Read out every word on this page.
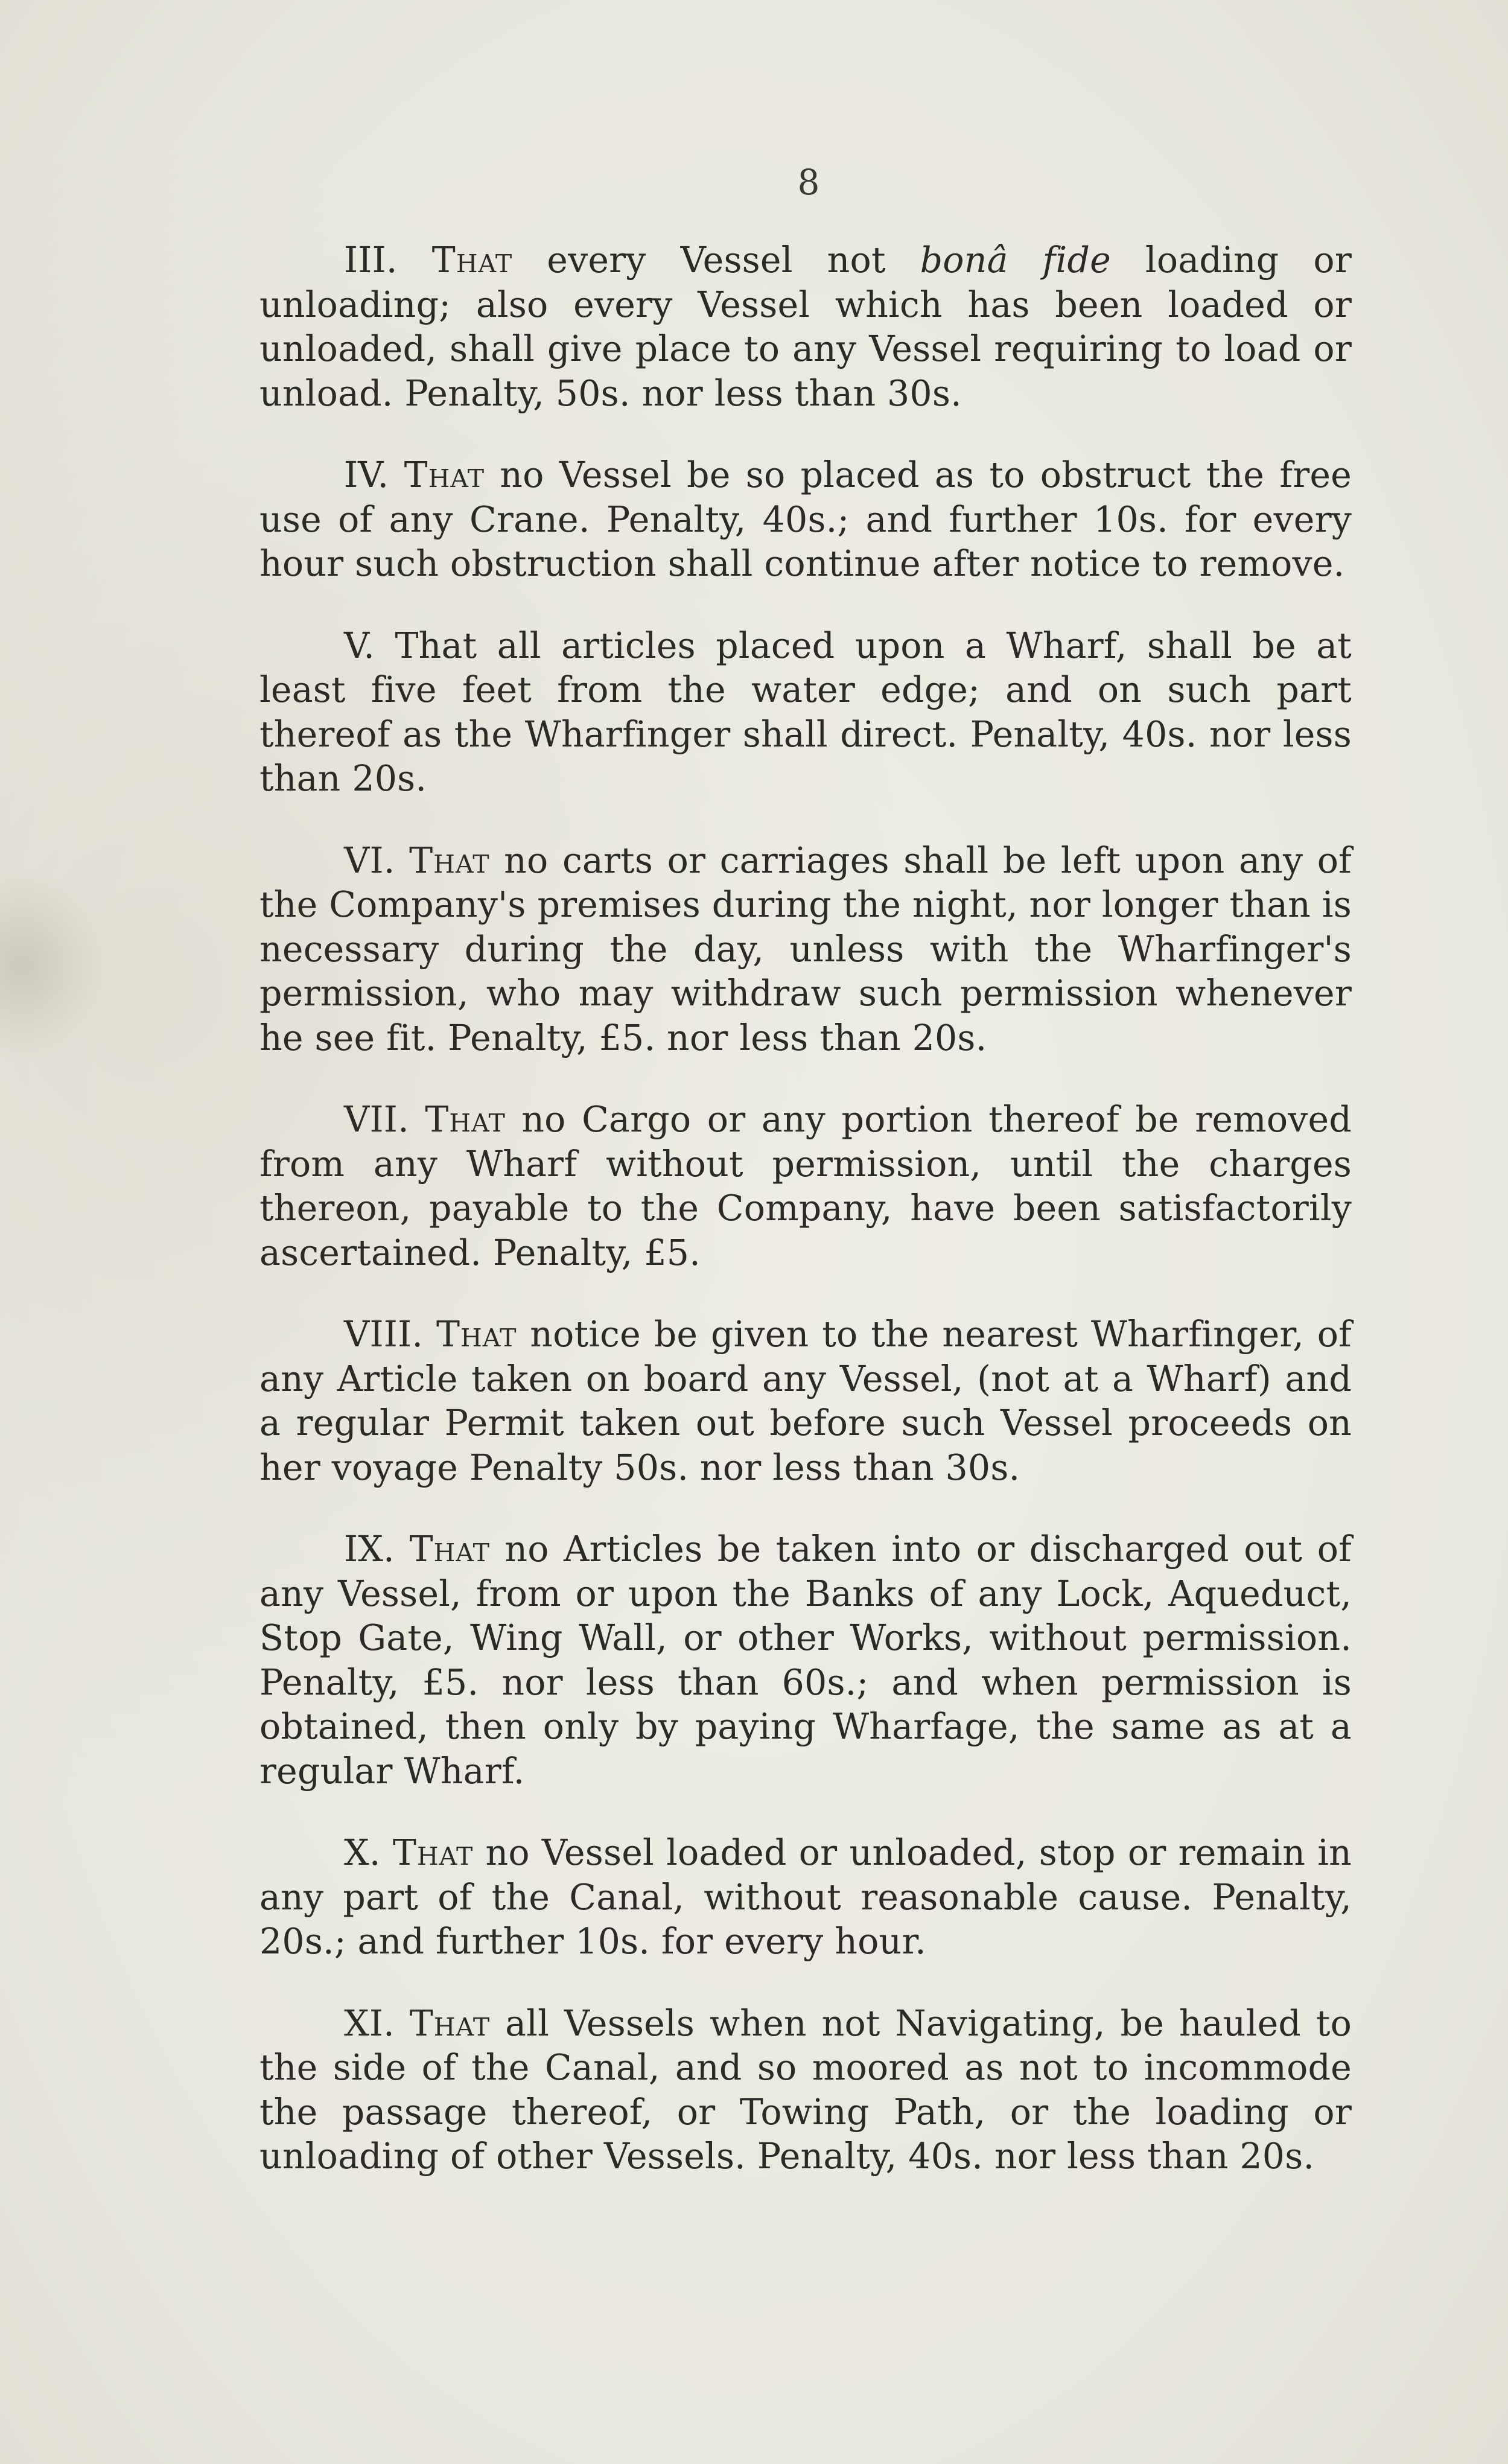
8

III. That every Vessel not bonâ fide loading or unloading; also every Vessel which has been loaded or unloaded, shall give place to any Vessel requiring to load or unload. Penalty, 50s. nor less than 30s.

IV. That no Vessel be so placed as to obstruct the free use of any Crane. Penalty, 40s.; and further 10s. for every hour such obstruction shall continue after notice to remove.

V. That all articles placed upon a Wharf, shall be at least five feet from the water edge; and on such part thereof as the Wharfinger shall direct. Penalty, 40s. nor less than 20s.

VI. That no carts or carriages shall be left upon any of the Company's premises during the night, nor longer than is necessary during the day, unless with the Wharfinger's permission, who may withdraw such permission whenever he see fit. Penalty, £5. nor less than 20s.

VII. That no Cargo or any portion thereof be removed from any Wharf without permission, until the charges thereon, payable to the Company, have been satisfactorily ascertained. Penalty, £5.

VIII. That notice be given to the nearest Wharfinger, of any Article taken on board any Vessel, (not at a Wharf) and a regular Permit taken out before such Vessel proceeds on her voyage Penalty 50s. nor less than 30s.

IX. That no Articles be taken into or discharged out of any Vessel, from or upon the Banks of any Lock, Aqueduct, Stop Gate, Wing Wall, or other Works, without permission. Penalty, £5. nor less than 60s.; and when permission is obtained, then only by paying Wharfage, the same as at a regular Wharf.

X. That no Vessel loaded or unloaded, stop or remain in any part of the Canal, without reasonable cause. Penalty, 20s.; and further 10s. for every hour.

XI. That all Vessels when not Navigating, be hauled to the side of the Canal, and so moored as not to incommode the passage thereof, or Towing Path, or the loading or unloading of other Vessels. Penalty, 40s. nor less than 20s.
